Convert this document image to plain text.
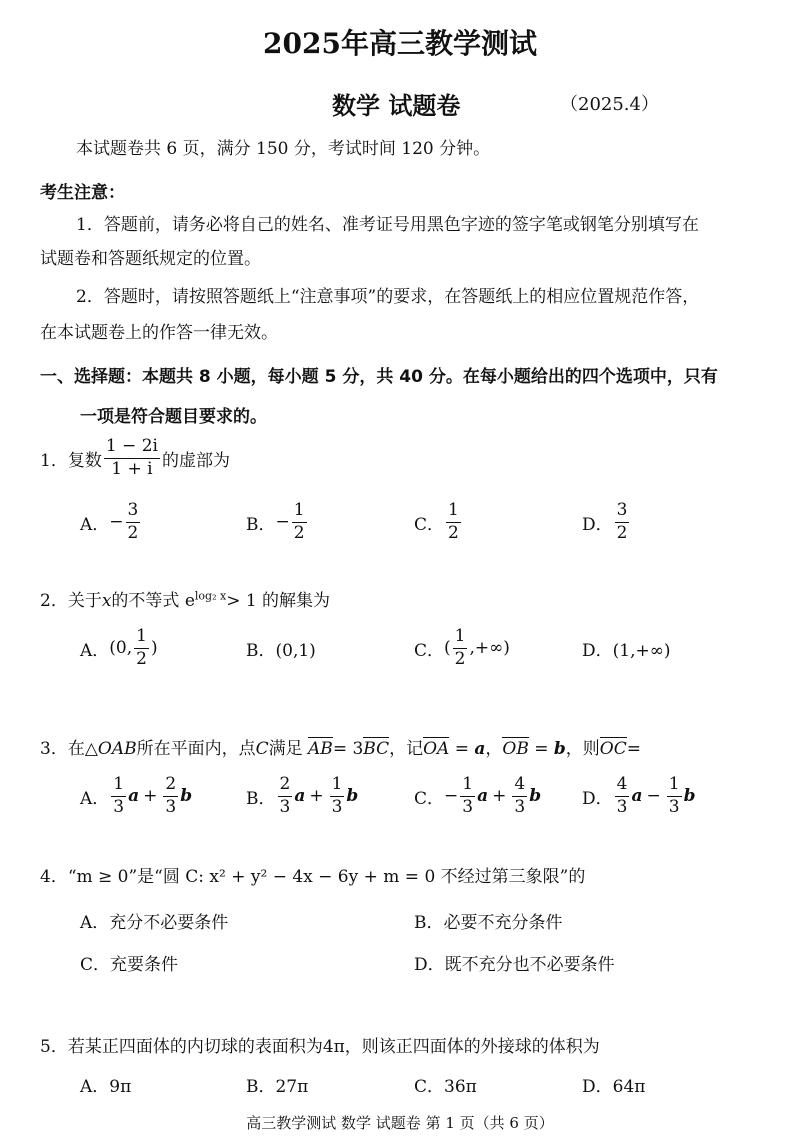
2025年高三教学测试
数学 试题卷	（2025.4）
本试题卷共 6 页，满分 150 分，考试时间 120 分钟。
考生注意：
1．答题前，请务必将自己的姓名、准考证号用黑色字迹的签字笔或钢笔分别填写在
试题卷和答题纸规定的位置。
2．答题时，请按照答题纸上“注意事项”的要求，在答题纸上的相应位置规范作答，
在本试题卷上的作答一律无效。
一、选择题：本题共 8 小题，每小题 5 分，共 40 分。在每小题给出的四个选项中，只有
一项是符合题目要求的。
1．复数 $\frac{1 - 2i}{1 + i}$ 的虚部为
A． − $\frac{3}{2}$	B． − $\frac{1}{2}$	C． $\frac{1}{2}$	D． $\frac{3}{2}$
2．关于x的不等式 $e^{log_2 x}> 1$ 的解集为
A． (0, $\frac{1}{2}$ )	B．(0,1)	C． ( $\frac{1}{2}$ ,+∞)	D．(1,+∞)
3．在△OAB所在平面内，点C满足 AB= 3BC，记OA = a，OB = b，则OC=
A． $\frac{1}{3}$ $a + \frac{2}{3}$ b	B． $\frac{2}{3}$ $a + \frac{1}{3}$ b	C． − $\frac{1}{3}$ $a + \frac{4}{3}$ b D． $\frac{4}{3}$ $a - \frac{1}{3}$ b
4．“m ≥ 0”是“圆 C: x² + y² − 4x − 6y + m = 0 不经过第三象限”的
A．充分不必要条件	B．必要不充分条件
C．充要条件	D．既不充分也不必要条件
5．若某正四面体的内切球的表面积为4π，则该正四面体的外接球的体积为
A．9π	B．27π	C．36π	D．64π
高三教学测试 数学 试题卷 第 1 页（共 6 页）
